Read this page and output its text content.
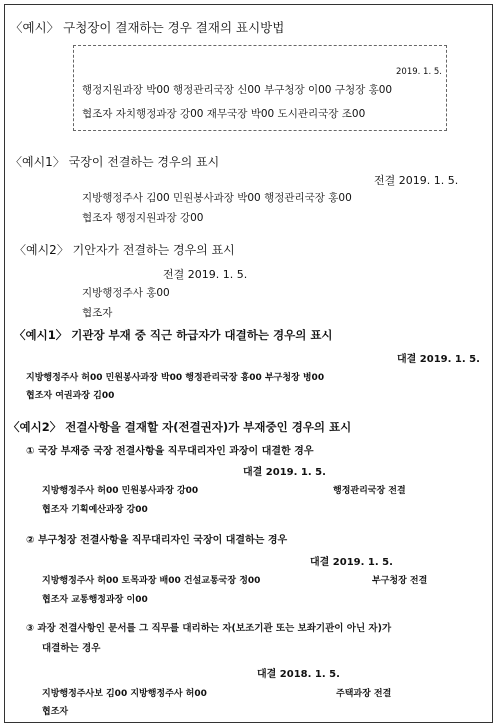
〈예시〉 구청장이 결재하는 경우 결재의 표시방법
2019. 1. 5.
행정지원과장 박00 행정관리국장 신00 부구청장 이00 구청장 홍00
협조자 자치행정과장 강00 재무국장 박00 도시관리국장 조00
〈예시1〉 국장이 전결하는 경우의 표시
전결 2019. 1. 5.
지방행정주사 김00 민원봉사과장 박00 행정관리국장 홍00
협조자 행정지원과장 강00
〈예시2〉 기안자가 전결하는 경우의 표시
전결 2019. 1. 5.
지방행정주사 홍00
협조자
〈예시1〉 기관장 부재 중 직근 하급자가 대결하는 경우의 표시
대결 2019. 1. 5.
지방행정주사 허00 민원봉사과장 박00 행정관리국장 홍00 부구청장 병00
협조자 여권과장 김00
〈예시2〉 전결사항을 결재할 자(전결권자)가 부재중인 경우의 표시
① 국장 부재중 국장 전결사항을 직무대리자인 과장이 대결한 경우
대결 2019. 1. 5.
지방행정주사 허00 민원봉사과장 강00	행정관리국장 전결
협조자 기획예산과장 강00
② 부구청장 전결사항을 직무대리자인 국장이 대결하는 경우
대결 2019. 1. 5.
지방행정주사 허00 토목과장 배00 건설교통국장 정00	부구청장 전결
협조자 교통행정과장 이00
③ 과장 전결사항인 문서를 그 직무를 대리하는 자(보조기관 또는 보좌기관이 아닌 자)가
대결하는 경우
대결 2018. 1. 5.
지방행정주사보 김00 지방행정주사 허00	주택과장 전결
협조자
